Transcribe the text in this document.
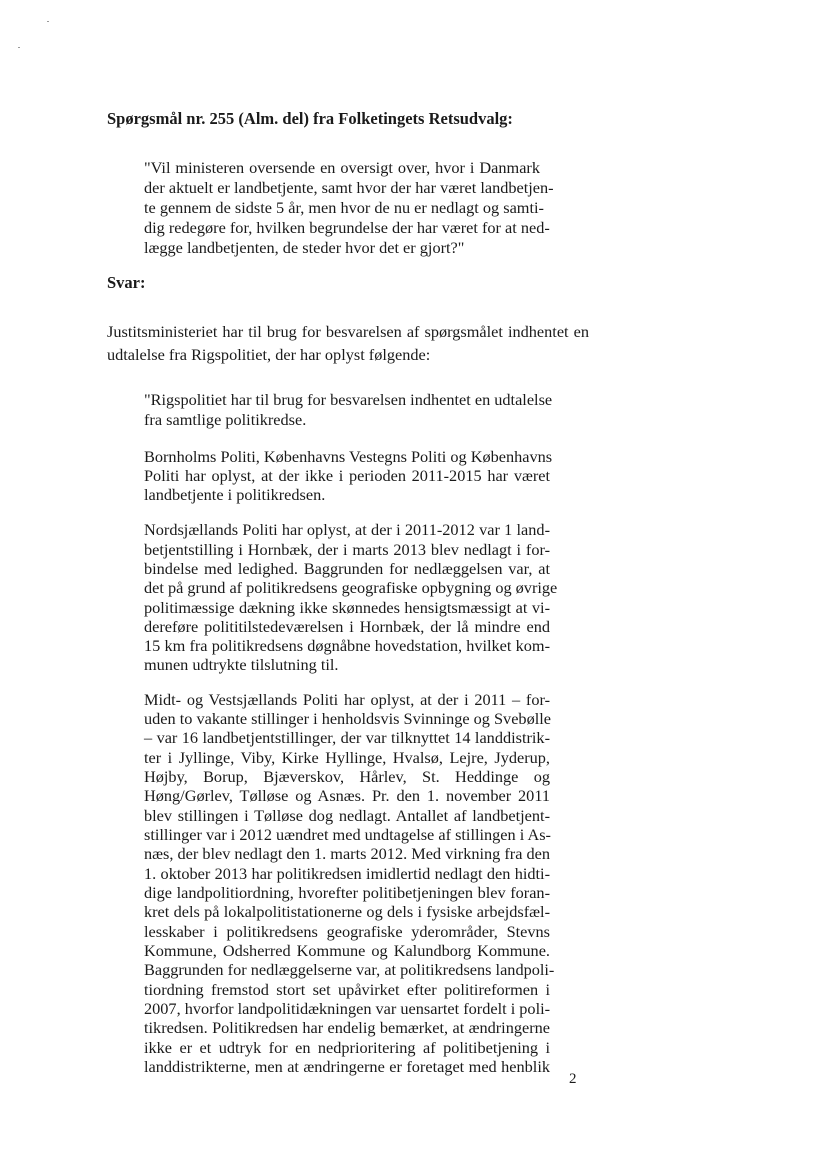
Spørgsmål nr. 255 (Alm. del) fra Folketingets Retsudvalg:
"Vil ministeren oversende en oversigt over, hvor i Danmark
der aktuelt er landbetjente, samt hvor der har været landbetjen-
te gennem de sidste 5 år, men hvor de nu er nedlagt og samti-
dig redegøre for, hvilken begrundelse der har været for at ned-
lægge landbetjenten, de steder hvor det er gjort?"
Svar:
Justitsministeriet har til brug for besvarelsen af spørgsmålet indhentet en
udtalelse fra Rigspolitiet, der har oplyst følgende:
"Rigspolitiet har til brug for besvarelsen indhentet en udtalelse
fra samtlige politikredse.
Bornholms Politi, Københavns Vestegns Politi og Københavns
Politi har oplyst, at der ikke i perioden 2011-2015 har været
landbetjente i politikredsen.
Nordsjællands Politi har oplyst, at der i 2011-2012 var 1 land-
betjentstilling i Hornbæk, der i marts 2013 blev nedlagt i for-
bindelse med ledighed. Baggrunden for nedlæggelsen var, at
det på grund af politikredsens geografiske opbygning og øvrige
politimæssige dækning ikke skønnedes hensigtsmæssigt at vi-
dereføre polititilstedeværelsen i Hornbæk, der lå mindre end
15 km fra politikredsens døgnåbne hovedstation, hvilket kom-
munen udtrykte tilslutning til.
Midt- og Vestsjællands Politi har oplyst, at der i 2011 – for-
uden to vakante stillinger i henholdsvis Svinninge og Svebølle
– var 16 landbetjentstillinger, der var tilknyttet 14 landdistrik-
ter i Jyllinge, Viby, Kirke Hyllinge, Hvalsø, Lejre, Jyderup,
Højby, Borup, Bjæverskov, Hårlev, St. Heddinge og
Høng/Gørlev, Tølløse og Asnæs. Pr. den 1. november 2011
blev stillingen i Tølløse dog nedlagt. Antallet af landbetjent-
stillinger var i 2012 uændret med undtagelse af stillingen i As-
næs, der blev nedlagt den 1. marts 2012. Med virkning fra den
1. oktober 2013 har politikredsen imidlertid nedlagt den hidti-
dige landpolitiordning, hvorefter politibetjeningen blev foran-
kret dels på lokalpolitistationerne og dels i fysiske arbejdsfæl-
lesskaber i politikredsens geografiske yderområder, Stevns
Kommune, Odsherred Kommune og Kalundborg Kommune.
Baggrunden for nedlæggelserne var, at politikredsens landpoli-
tiordning fremstod stort set upåvirket efter politireformen i
2007, hvorfor landpolitidækningen var uensartet fordelt i poli-
tikredsen. Politikredsen har endelig bemærket, at ændringerne
ikke er et udtryk for en nedprioritering af politibetjening i
landdistrikterne, men at ændringerne er foretaget med henblik
2
